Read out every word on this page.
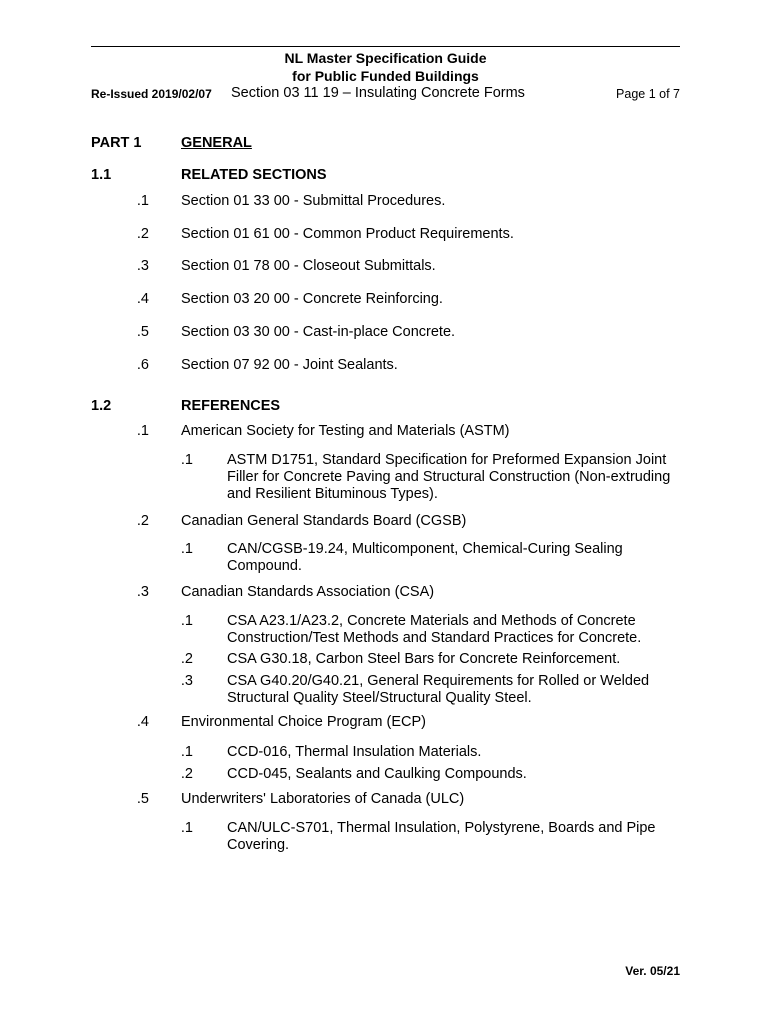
NL Master Specification Guide
for Public Funded Buildings
Re-Issued 2019/02/07 Section 03 11 19 – Insulating Concrete Forms	Page 1 of 7
PART 1	GENERAL
1.1	RELATED SECTIONS
.1 Section 01 33 00 - Submittal Procedures.
.2 Section 01 61 00 - Common Product Requirements.
.3 Section 01 78 00 - Closeout Submittals.
.4 Section 03 20 00 - Concrete Reinforcing.
.5 Section 03 30 00 - Cast-in-place Concrete.
.6 Section 07 92 00 - Joint Sealants.
1.2	REFERENCES
.1 American Society for Testing and Materials (ASTM)
.1 ASTM D1751, Standard Specification for Preformed Expansion Joint Filler for Concrete Paving and Structural Construction (Non-extruding and Resilient Bituminous Types).
.2 Canadian General Standards Board (CGSB)
.1 CAN/CGSB-19.24, Multicomponent, Chemical-Curing Sealing Compound.
.3 Canadian Standards Association (CSA)
.1 CSA A23.1/A23.2, Concrete Materials and Methods of Concrete Construction/Test Methods and Standard Practices for Concrete.
.2 CSA G30.18, Carbon Steel Bars for Concrete Reinforcement.
.3 CSA G40.20/G40.21, General Requirements for Rolled or Welded Structural Quality Steel/Structural Quality Steel.
.4 Environmental Choice Program (ECP)
.1 CCD-016, Thermal Insulation Materials.
.2 CCD-045, Sealants and Caulking Compounds.
.5 Underwriters' Laboratories of Canada (ULC)
.1 CAN/ULC-S701, Thermal Insulation, Polystyrene, Boards and Pipe Covering.
Ver. 05/21
